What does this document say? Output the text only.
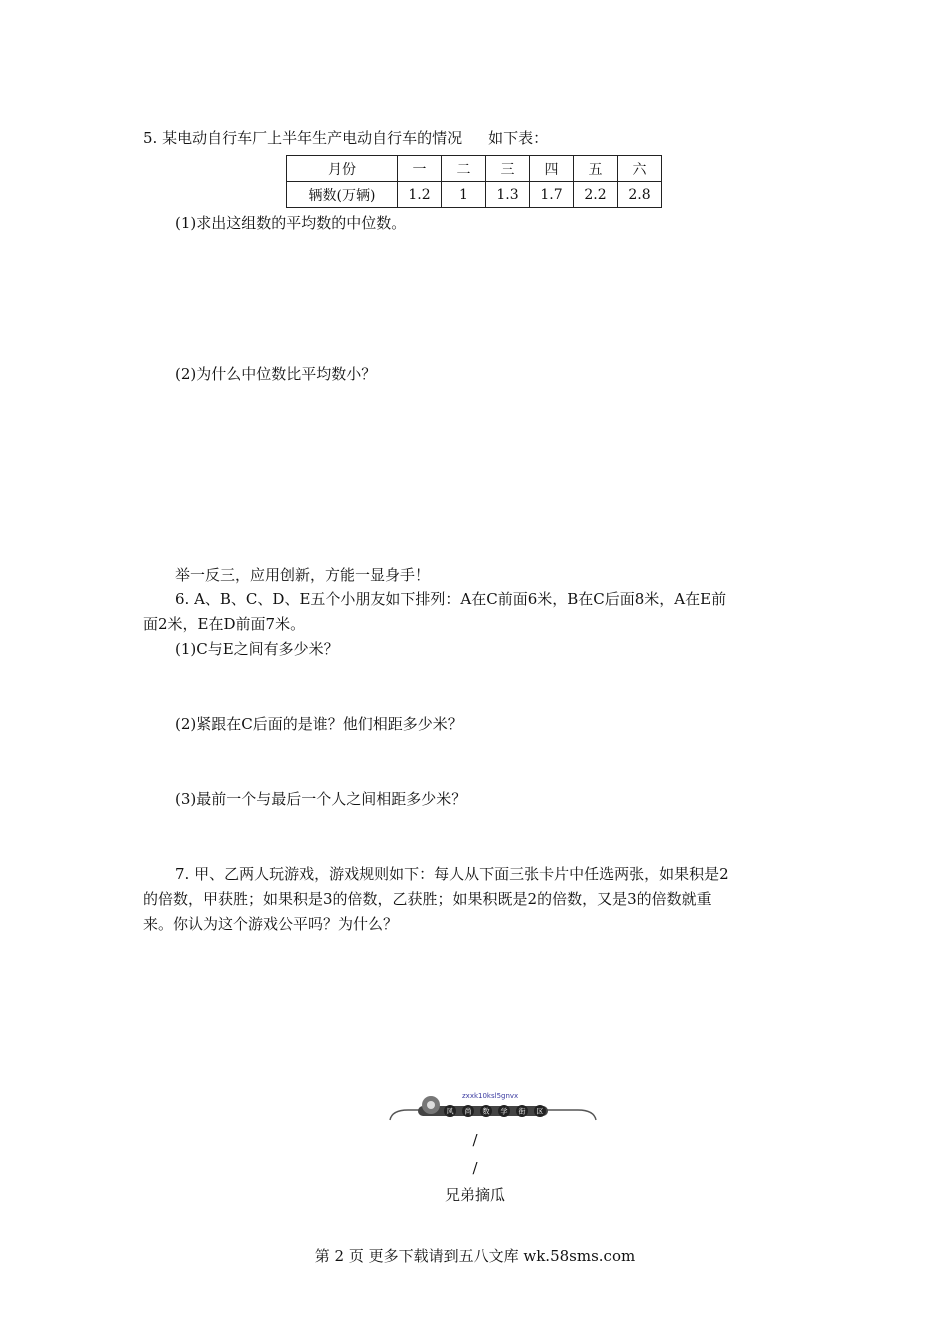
5. 某电动自行车厂上半年生产电动自行车的情况 如下表：
月份	一	二	三	四	五	六
辆数(万辆)	1.2	1	1.3	1.7	2.2	2.8
(1)求出这组数的平均数的中位数。
(2)为什么中位数比平均数小？
举一反三，应用创新，方能一显身手！
6. A、B、C、D、E五个小朋友如下排列：A在C前面6米，B在C后面8米，A在E前
面2米，E在D前面7米。
(1)C与E之间有多少米？
(2)紧跟在C后面的是谁？他们相距多少米？
(3)最前一个与最后一个人之间相距多少米？
7. 甲、乙两人玩游戏，游戏规则如下：每人从下面三张卡片中任选两张，如果积是2
的倍数，甲获胜；如果积是3的倍数，乙获胜；如果积既是2的倍数，又是3的倍数就重
来。你认为这个游戏公平吗？为什么？
zxxk10ksl5gnvx
风 尚 数 学 街 区
/
/
兄弟摘瓜
第 2 页 更多下载请到五八文库 wk.58sms.com
